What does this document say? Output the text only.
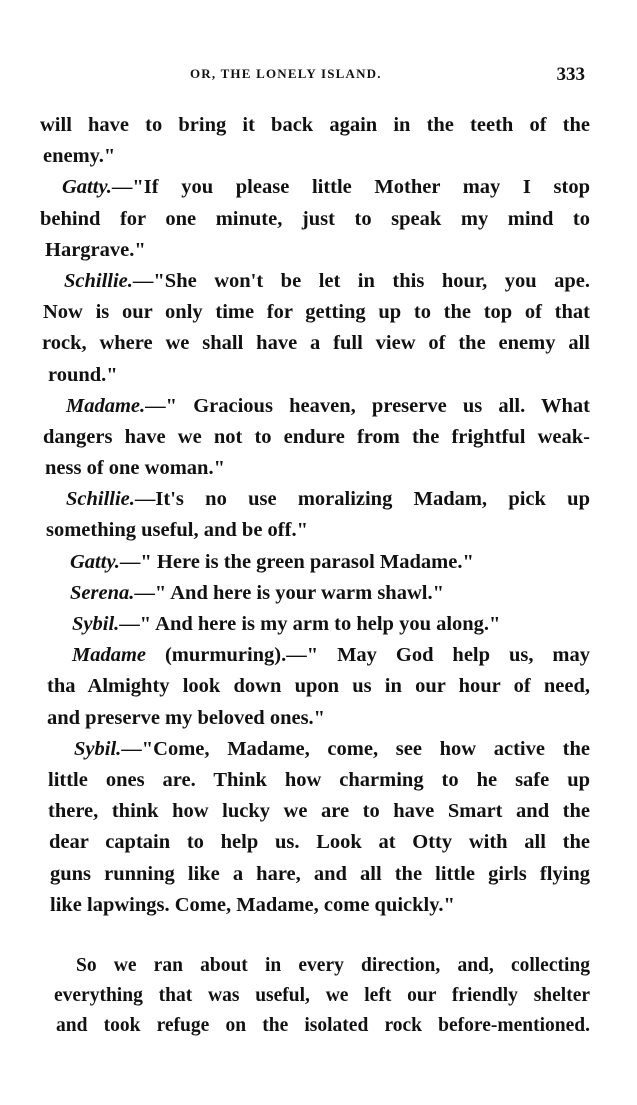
OR, THE LONELY ISLAND.	333
will have to bring it back again in the teeth of the
enemy."
Gatty.—"If you please little Mother may I stop
behind for one minute, just to speak my mind to
Hargrave."
Schillie.—"She won't be let in this hour, you ape.
Now is our only time for getting up to the top of that
rock, where we shall have a full view of the enemy all
round."
Madame.—" Gracious heaven, preserve us all. What
dangers have we not to endure from the frightful weak-
ness of one woman."
Schillie.—It's no use moralizing Madam, pick up
something useful, and be off."
Gatty.—" Here is the green parasol Madame."
Serena.—" And here is your warm shawl."
Sybil.—" And here is my arm to help you along."
Madame (murmuring).—" May God help us, may
tha Almighty look down upon us in our hour of need,
and preserve my beloved ones."
Sybil.—"Come, Madame, come, see how active the
little ones are. Think how charming to he safe up
there, think how lucky we are to have Smart and the
dear captain to help us. Look at Otty with all the
guns running like a hare, and all the little girls flying
like lapwings. Come, Madame, come quickly."
So we ran about in every direction, and, collecting
everything that was useful, we left our friendly shelter
and took refuge on the isolated rock before-mentioned.
